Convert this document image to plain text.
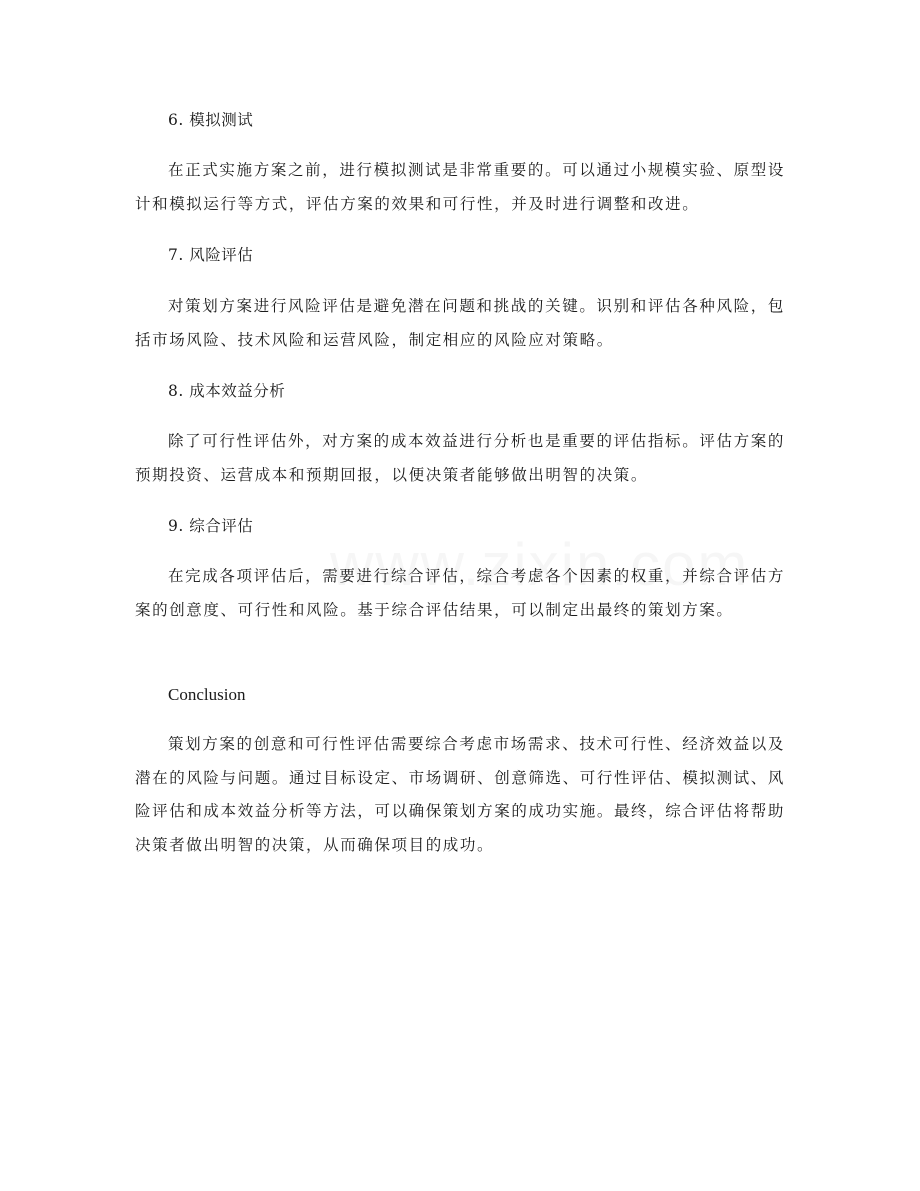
6. 模拟测试
在正式实施方案之前，进行模拟测试是非常重要的。可以通过小规模实验、原型设计和模拟运行等方式，评估方案的效果和可行性，并及时进行调整和改进。
7. 风险评估
对策划方案进行风险评估是避免潜在问题和挑战的关键。识别和评估各种风险，包括市场风险、技术风险和运营风险，制定相应的风险应对策略。
8. 成本效益分析
除了可行性评估外，对方案的成本效益进行分析也是重要的评估指标。评估方案的预期投资、运营成本和预期回报，以便决策者能够做出明智的决策。
9. 综合评估
在完成各项评估后，需要进行综合评估，综合考虑各个因素的权重，并综合评估方案的创意度、可行性和风险。基于综合评估结果，可以制定出最终的策划方案。
Conclusion
策划方案的创意和可行性评估需要综合考虑市场需求、技术可行性、经济效益以及潜在的风险与问题。通过目标设定、市场调研、创意筛选、可行性评估、模拟测试、风险评估和成本效益分析等方法，可以确保策划方案的成功实施。最终，综合评估将帮助决策者做出明智的决策，从而确保项目的成功。
